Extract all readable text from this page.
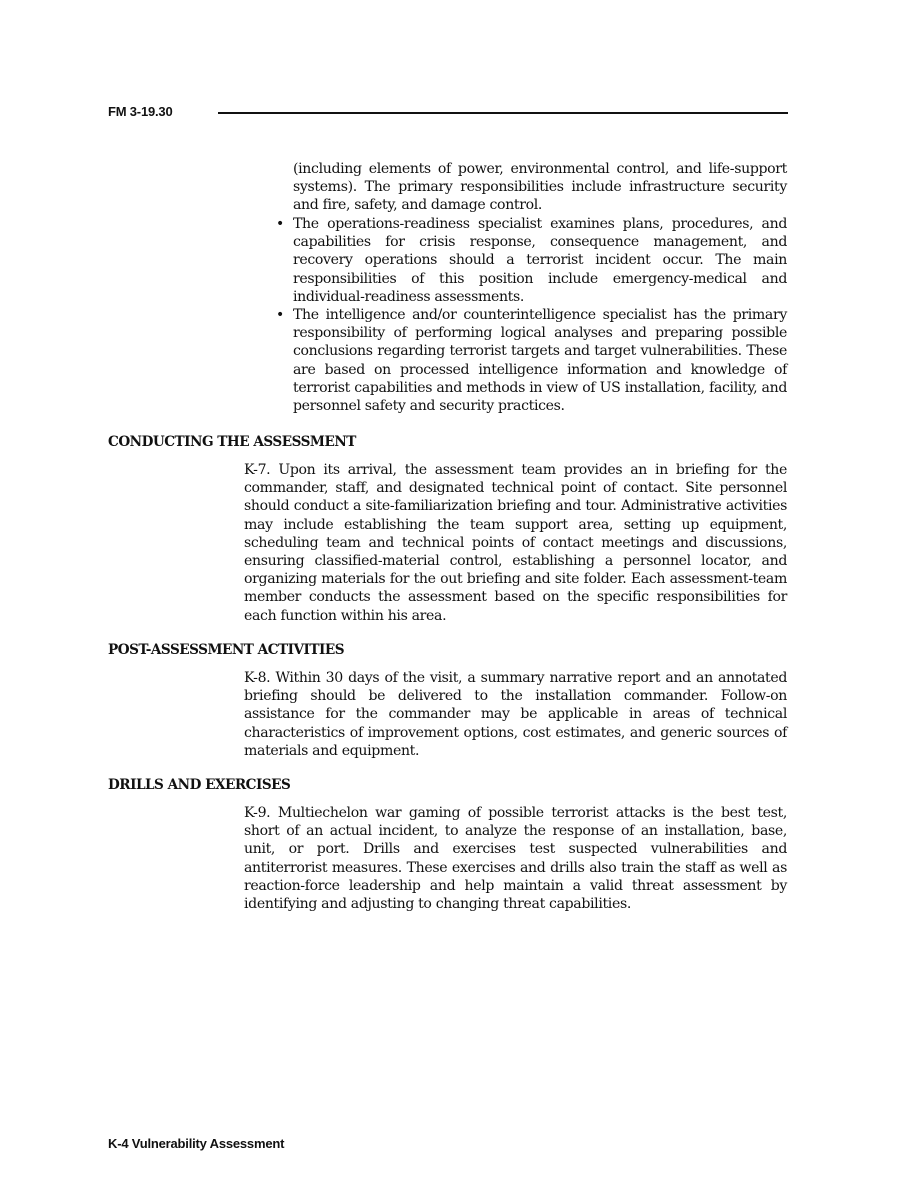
FM 3-19.30

(including elements of power, environmental control, and life-support systems). The primary responsibilities include infrastructure security and fire, safety, and damage control.

• The operations-readiness specialist examines plans, procedures, and capabilities for crisis response, consequence management, and recovery operations should a terrorist incident occur. The main responsibilities of this position include emergency-medical and individual-readiness assessments.

• The intelligence and/or counterintelligence specialist has the primary responsibility of performing logical analyses and preparing possible conclusions regarding terrorist targets and target vulnerabilities. These are based on processed intelligence information and knowledge of terrorist capabilities and methods in view of US installation, facility, and personnel safety and security practices.

CONDUCTING THE ASSESSMENT

K-7. Upon its arrival, the assessment team provides an in briefing for the commander, staff, and designated technical point of contact. Site personnel should conduct a site-familiarization briefing and tour. Administrative activities may include establishing the team support area, setting up equipment, scheduling team and technical points of contact meetings and discussions, ensuring classified-material control, establishing a personnel locator, and organizing materials for the out briefing and site folder. Each assessment-team member conducts the assessment based on the specific responsibilities for each function within his area.

POST-ASSESSMENT ACTIVITIES

K-8. Within 30 days of the visit, a summary narrative report and an annotated briefing should be delivered to the installation commander. Follow-on assistance for the commander may be applicable in areas of technical characteristics of improvement options, cost estimates, and generic sources of materials and equipment.

DRILLS AND EXERCISES

K-9. Multiechelon war gaming of possible terrorist attacks is the best test, short of an actual incident, to analyze the response of an installation, base, unit, or port. Drills and exercises test suspected vulnerabilities and antiterrorist measures. These exercises and drills also train the staff as well as reaction-force leadership and help maintain a valid threat assessment by identifying and adjusting to changing threat capabilities.

K-4 Vulnerability Assessment
